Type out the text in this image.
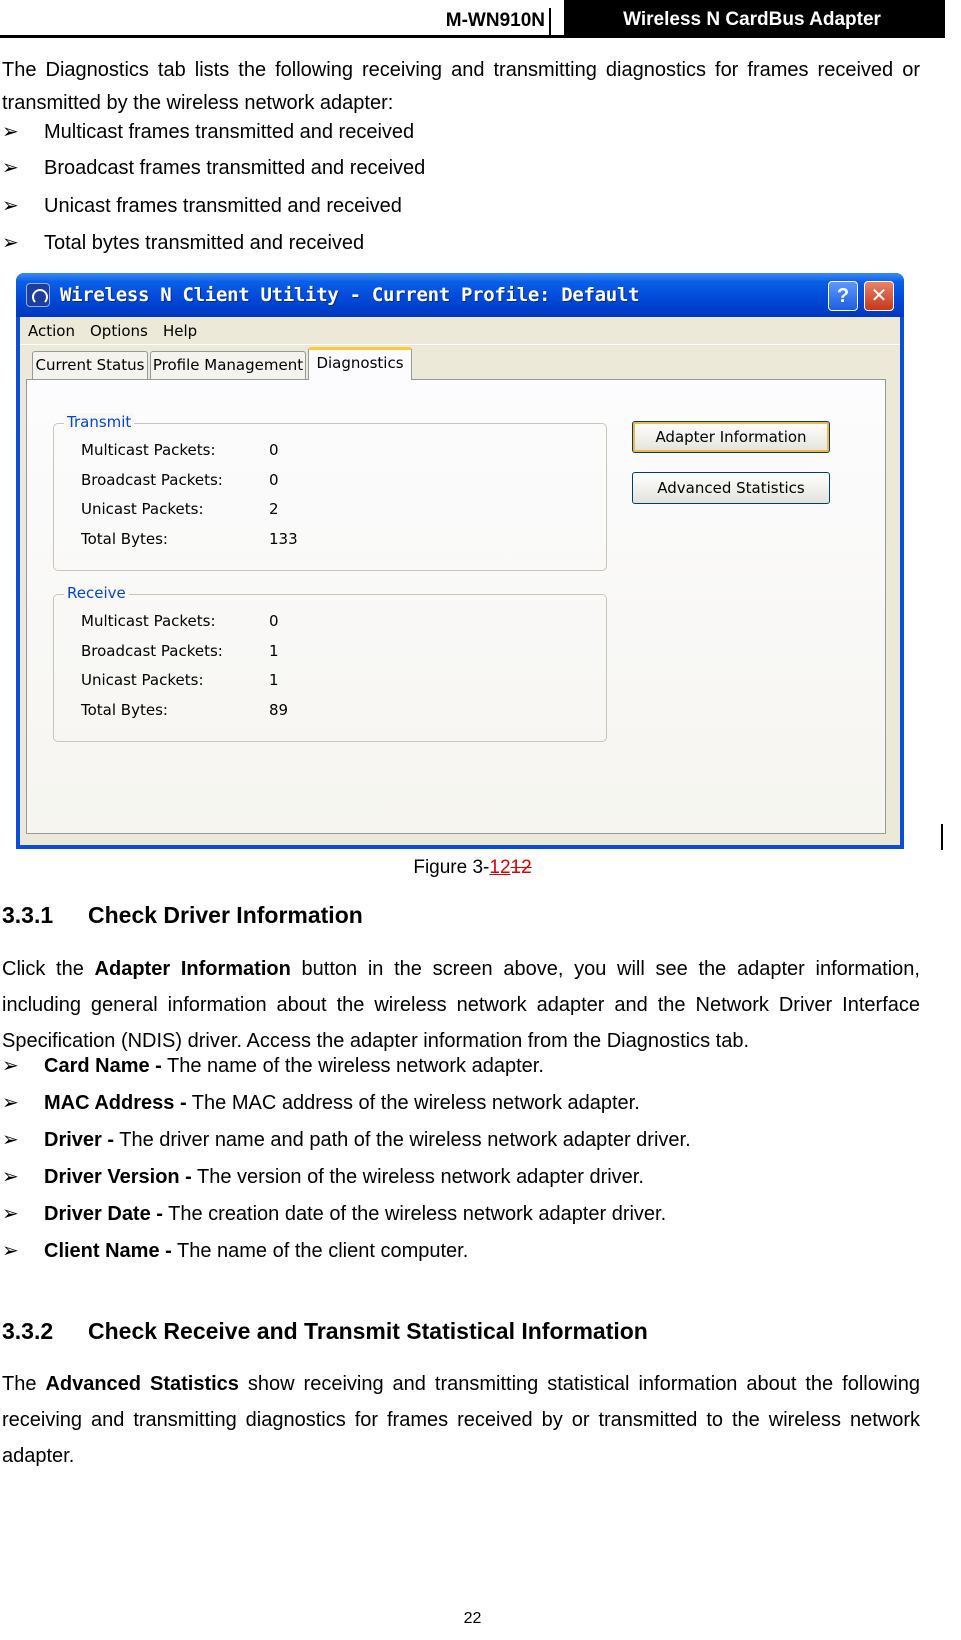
M-WN910N	Wireless N CardBus Adapter
The Diagnostics tab lists the following receiving and transmitting diagnostics for frames received or transmitted by the wireless network adapter:
➢ Multicast frames transmitted and received
➢ Broadcast frames transmitted and received
➢ Unicast frames transmitted and received
➢ Total bytes transmitted and received
Wireless N Client Utility - Current Profile: Default	?	✕
Action Options Help
Current Status Profile Management Diagnostics
Transmit
Multicast Packets:	0
Broadcast Packets:	0
Unicast Packets:	2
Total Bytes:	133
Receive
Multicast Packets:	0
Broadcast Packets:	1
Unicast Packets:	1
Total Bytes:	89
Adapter Information
Advanced Statistics
Figure 3-1212
3.3.1 Check Driver Information
Click the Adapter Information button in the screen above, you will see the adapter information, including general information about the wireless network adapter and the Network Driver Interface Specification (NDIS) driver. Access the adapter information from the Diagnostics tab.
➢ Card Name - The name of the wireless network adapter.
➢ MAC Address - The MAC address of the wireless network adapter.
➢ Driver - The driver name and path of the wireless network adapter driver.
➢ Driver Version - The version of the wireless network adapter driver.
➢ Driver Date - The creation date of the wireless network adapter driver.
➢ Client Name - The name of the client computer.
3.3.2 Check Receive and Transmit Statistical Information
The Advanced Statistics show receiving and transmitting statistical information about the following receiving and transmitting diagnostics for frames received by or transmitted to the wireless network adapter.
22
